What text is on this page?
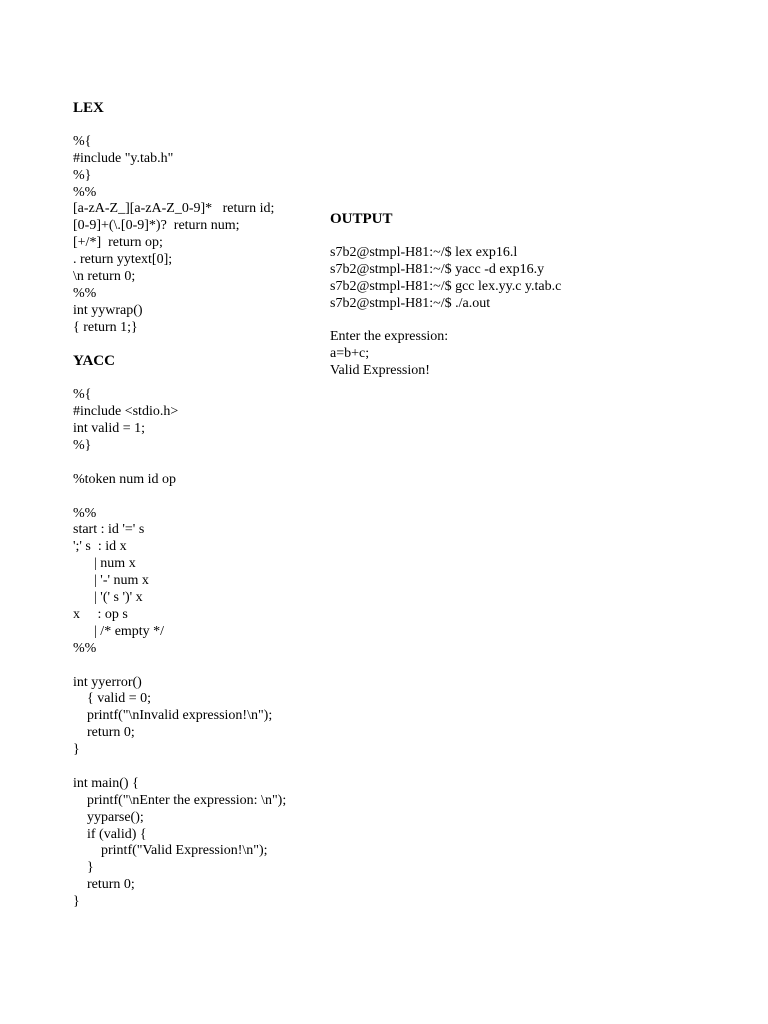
LEX
%{
#include "y.tab.h"
%}
%%
[a-zA-Z_][a-zA-Z_0-9]*   return id;
[0-9]+(\.[0-9]*)?  return num;
[+/*]  return op;
. return yytext[0];
\n return 0;
%%
int yywrap()
{ return 1;}
YACC
%{
#include <stdio.h>
int valid = 1;
%}
%token num id op
%%
start : id '=' s
';' s  : id x
| num x
| '-' num x
| '(' s ')' x
x     : op s
| /* empty */
%%
int yyerror()
{ valid = 0;
printf("\nInvalid expression!\n");
return 0;
}
int main() {
printf("\nEnter the expression: \n");
yyparse();
if (valid) {
printf("Valid Expression!\n");
}
return 0;
}
OUTPUT
s7b2@stmpl-H81:~/$ lex exp16.l
s7b2@stmpl-H81:~/$ yacc -d exp16.y
s7b2@stmpl-H81:~/$ gcc lex.yy.c y.tab.c
s7b2@stmpl-H81:~/$ ./a.out
Enter the expression:
a=b+c;
Valid Expression!
